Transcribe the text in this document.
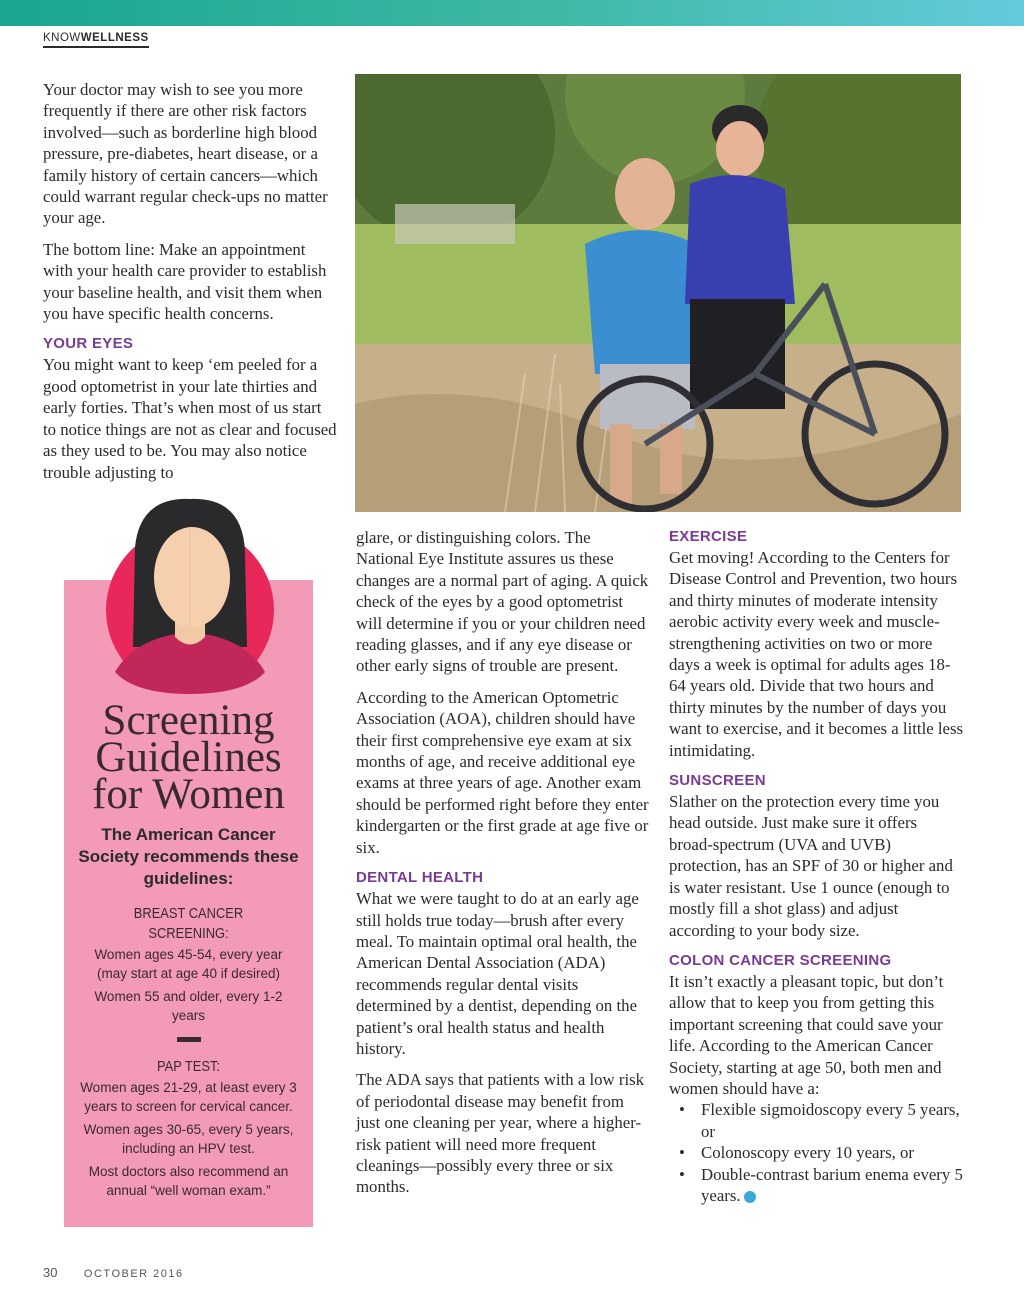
KNOWWELLNESS

Your doctor may wish to see you more frequently if there are other risk factors involved—such as borderline high blood pressure, pre-diabetes, heart disease, or a family history of certain cancers—which could warrant regular check-ups no matter your age.

The bottom line: Make an appointment with your health care provider to establish your baseline health, and visit them when you have specific health concerns.

YOUR EYES

You might want to keep ‘em peeled for a good optometrist in your late thirties and early forties. That’s when most of us start to notice things are not as clear and focused as they used to be. You may also notice trouble adjusting to

glare, or distinguishing colors. The National Eye Institute assures us these changes are a normal part of aging. A quick check of the eyes by a good optometrist will determine if you or your children need reading glasses, and if any eye disease or other early signs of trouble are present.

According to the American Optometric Association (AOA), children should have their first comprehensive eye exam at six months of age, and receive additional eye exams at three years of age. Another exam should be performed right before they enter kindergarten or the first grade at age five or six.

DENTAL HEALTH

What we were taught to do at an early age still holds true today—brush after every meal. To maintain optimal oral health, the American Dental Association (ADA) recommends regular dental visits determined by a dentist, depending on the patient’s oral health status and health history.

The ADA says that patients with a low risk of periodontal disease may benefit from just one cleaning per year, where a higher-risk patient will need more frequent cleanings—possibly every three or six months.

EXERCISE

Get moving! According to the Centers for Disease Control and Prevention, two hours and thirty minutes of moderate intensity aerobic activity every week and muscle-strengthening activities on two or more days a week is optimal for adults ages 18-64 years old. Divide that two hours and thirty minutes by the number of days you want to exercise, and it becomes a little less intimidating.

SUNSCREEN

Slather on the protection every time you head outside. Just make sure it offers broad-spectrum (UVA and UVB) protection, has an SPF of 30 or higher and is water resistant. Use 1 ounce (enough to mostly fill a shot glass) and adjust according to your body size.

COLON CANCER SCREENING

It isn’t exactly a pleasant topic, but don’t allow that to keep you from getting this important screening that could save your life. According to the American Cancer Society, starting at age 50, both men and women should have a:

• Flexible sigmoidoscopy every 5 years, or
• Colonoscopy every 10 years, or
• Double-contrast barium enema every 5 years.
Screening
Guidelines
for Women
The American Cancer Society recommends these guidelines:
BREAST CANCER SCREENING:
Women ages 45-54, every year (may start at age 40 if desired)
Women 55 and older, every 1-2 years
PAP TEST:
Women ages 21-29, at least every 3 years to screen for cervical cancer.
Women ages 30-65, every 5 years, including an HPV test.
Most doctors also recommend an annual “well woman exam.”
30 OCTOBER 2016
